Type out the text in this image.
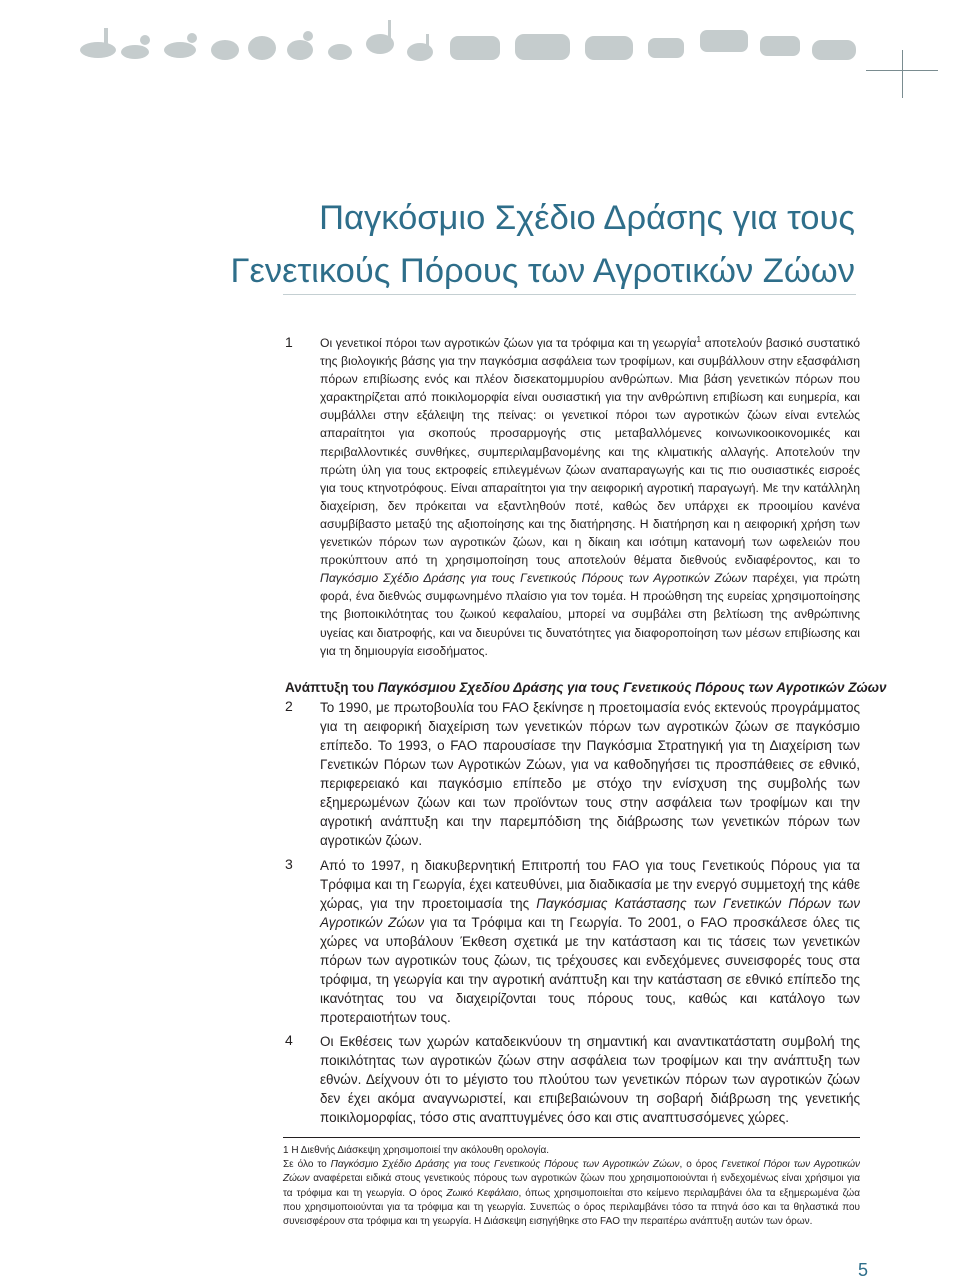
Παγκόσμιο Σχέδιο Δράσης για τους
Γενετικούς Πόρους των Αγροτικών Ζώων
1 Οι γενετικοί πόροι των αγροτικών ζώων για τα τρόφιμα και τη γεωργία$^1$ αποτελούν βασικό συστατικό της βιολογικής βάσης για την παγκόσμια ασφάλεια των τροφίμων, και συμβάλλουν στην εξασφάλιση πόρων επιβίωσης ενός και πλέον δισεκατομμυρίου ανθρώπων. Μια βάση γενετικών πόρων που χαρακτηρίζεται από ποικιλομορφία είναι ουσιαστική για την ανθρώπινη επιβίωση και ευημερία, και συμβάλλει στην εξάλειψη της πείνας: οι γενετικοί πόροι των αγροτικών ζώων είναι εντελώς απαραίτητοι για σκοπούς προσαρμογής στις μεταβαλλόμενες κοινωνικοοικονομικές και περιβαλλοντικές συνθήκες, συμπεριλαμβανομένης και της κλιματικής αλλαγής. Αποτελούν την πρώτη ύλη για τους εκτροφείς επιλεγμένων ζώων αναπαραγωγής και τις πιο ουσιαστικές εισροές για τους κτηνοτρόφους. Είναι απαραίτητοι για την αειφορική αγροτική παραγωγή. Με την κατάλληλη διαχείριση, δεν πρόκειται να εξαντληθούν ποτέ, καθώς δεν υπάρχει εκ προοιμίου κανένα ασυμβίβαστο μεταξύ της αξιοποίησης και της διατήρησης. Η διατήρηση και η αειφορική χρήση των γενετικών πόρων των αγροτικών ζώων, και η δίκαιη και ισότιμη κατανομή των ωφελειών που προκύπτουν από τη χρησιμοποίηση τους αποτελούν θέματα διεθνούς ενδιαφέροντος, και το Παγκόσμιο Σχέδιο Δράσης για τους Γενετικούς Πόρους των Αγροτικών Ζώων παρέχει, για πρώτη φορά, ένα διεθνώς συμφωνημένο πλαίσιο για τον τομέα. Η προώθηση της ευρείας χρησιμοποίησης της βιοποικιλότητας του ζωικού κεφαλαίου, μπορεί να συμβάλει στη βελτίωση της ανθρώπινης υγείας και διατροφής, και να διευρύνει τις δυνατότητες για διαφοροποίηση των μέσων επιβίωσης και για τη δημιουργία εισοδήματος.

Ανάπτυξη του Παγκόσμιου Σχεδίου Δράσης για τους Γενετικούς Πόρους των Αγροτικών Ζώων

2 Το 1990, με πρωτοβουλία του FAO ξεκίνησε η προετοιμασία ενός εκτενούς προγράμματος για τη αειφορική διαχείριση των γενετικών πόρων των αγροτικών ζώων σε παγκόσμιο επίπεδο. Το 1993, ο FAO παρουσίασε την Παγκόσμια Στρατηγική για τη Διαχείριση των Γενετικών Πόρων των Αγροτικών Ζώων, για να καθοδηγήσει τις προσπάθειες σε εθνικό, περιφερειακό και παγκόσμιο επίπεδο με στόχο την ενίσχυση της συμβολής των εξημερωμένων ζώων και των προϊόντων τους στην ασφάλεια των τροφίμων και την αγροτική ανάπτυξη και την παρεμπόδιση της διάβρωσης των γενετικών πόρων των αγροτικών ζώων.

3 Από το 1997, η διακυβερνητική Επιτροπή του FAO για τους Γενετικούς Πόρους για τα Τρόφιμα και τη Γεωργία, έχει κατευθύνει, μια διαδικασία με την ενεργό συμμετοχή της κάθε χώρας, για την προετοιμασία της Παγκόσμιας Κατάστασης των Γενετικών Πόρων των Αγροτικών Ζώων για τα Τρόφιμα και τη Γεωργία. Το 2001, ο FAO προσκάλεσε όλες τις χώρες να υποβάλουν Έκθεση σχετικά με την κατάσταση και τις τάσεις των γενετικών πόρων των αγροτικών τους ζώων, τις τρέχουσες και ενδεχόμενες συνεισφορές τους στα τρόφιμα, τη γεωργία και την αγροτική ανάπτυξη και την κατάσταση σε εθνικό επίπεδο της ικανότητας του να διαχειρίζονται τους πόρους τους, καθώς και κατάλογο των προτεραιοτήτων τους.

4 Οι Εκθέσεις των χωρών καταδεικνύουν τη σημαντική και αναντικατάστατη συμβολή της ποικιλότητας των αγροτικών ζώων στην ασφάλεια των τροφίμων και την ανάπτυξη των εθνών. Δείχνουν ότι το μέγιστο του πλούτου των γενετικών πόρων των αγροτικών ζώων δεν έχει ακόμα αναγνωριστεί, και επιβεβαιώνουν τη σοβαρή διάβρωση της γενετικής ποικιλομορφίας, τόσο στις αναπτυγμένες όσο και στις αναπτυσσόμενες χώρες.

1 Η Διεθνής Διάσκεψη χρησιμοποιεί την ακόλουθη ορολογία.

Σε όλο το Παγκόσμιο Σχέδιο Δράσης για τους Γενετικούς Πόρους των Αγροτικών Ζώων, ο όρος Γενετικοί Πόροι των Αγροτικών Ζώων αναφέρεται ειδικά στους γενετικούς πόρους των αγροτικών ζώων που χρησιμοποιούνται ή ενδεχομένως είναι χρήσιμοι για τα τρόφιμα και τη γεωργία. Ο όρος Ζωικό Κεφάλαιο, όπως χρησιμοποιείται στο κείμενο περιλαμβάνει όλα τα εξημερωμένα ζώα που χρησιμοποιούνται για τα τρόφιμα και τη γεωργία. Συνεπώς ο όρος περιλαμβάνει τόσο τα πτηνά όσο και τα θηλαστικά που συνεισφέρουν στα τρόφιμα και τη γεωργία. Η Διάσκεψη εισηγήθηκε στο FAO την περαιτέρω ανάπτυξη αυτών των όρων.

5
